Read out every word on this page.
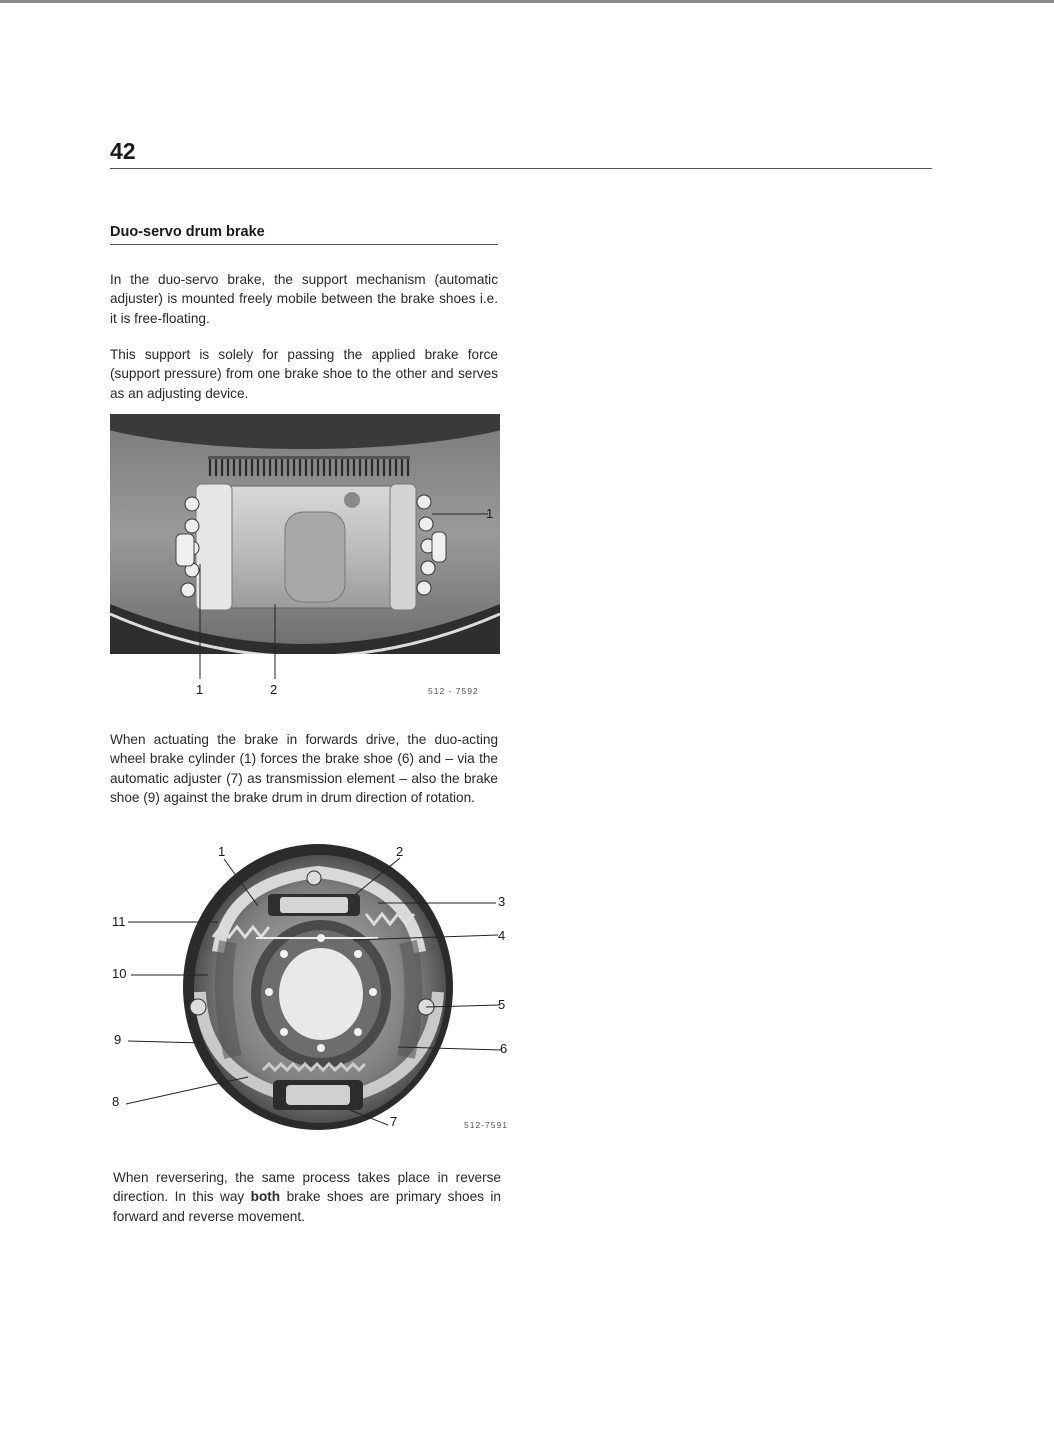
42
Duo-servo drum brake

In the duo-servo brake, the support mechanism (automatic adjuster) is mounted freely mobile between the brake shoes i.e. it is free-floating.

This support is solely for passing the applied brake force (support pressure) from one brake shoe to the other and serves as an adjusting device.

1
1
2	512 - 7592

When actuating the brake in forwards drive, the duo-acting wheel brake cylinder (1) forces the brake shoe (6) and – via the automatic adjuster (7) as transmission element – also the brake shoe (9) against the brake drum in drum direction of rotation.

1	2
3
4
5
6
7
8
9
10
11
512-7591

When reversering, the same process takes place in reverse direction. In this way both brake shoes are primary shoes in forward and reverse movement.
